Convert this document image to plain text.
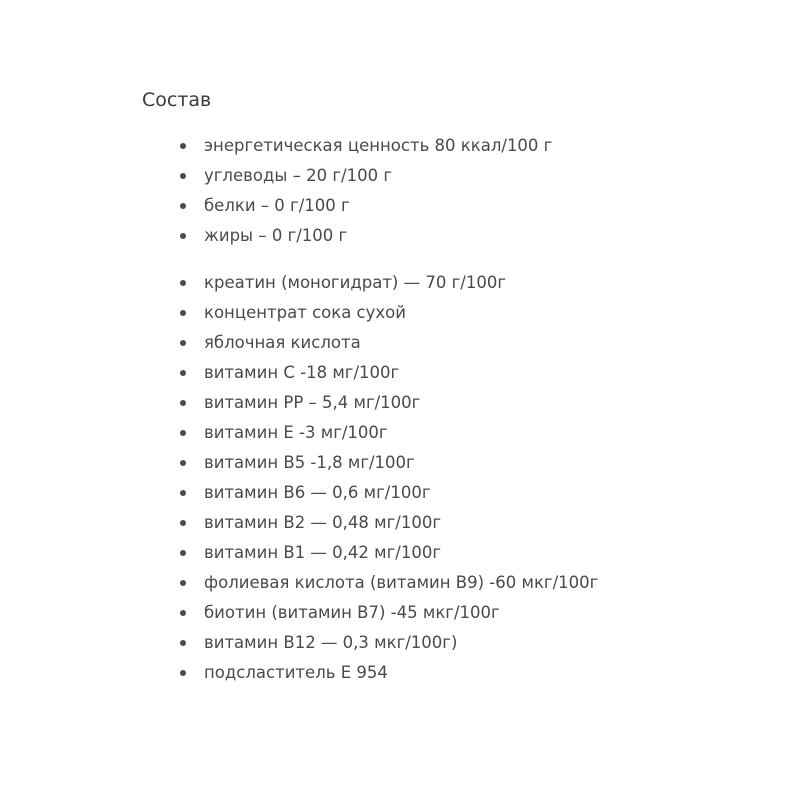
Состав
энергетическая ценность 80 ккал/100 г
углеводы – 20 г/100 г
белки – 0 г/100 г
жиры – 0 г/100 г
креатин (моногидрат) — 70 г/100г
концентрат сока сухой
яблочная кислота
витамин С -18 мг/100г
витамин PP – 5,4 мг/100г
витамин Е -3 мг/100г
витамин В5 -1,8 мг/100г
витамин В6 — 0,6 мг/100г
витамин В2 — 0,48 мг/100г
витамин В1 — 0,42 мг/100г
фолиевая кислота (витамин В9) -60 мкг/100г
биотин (витамин В7) -45 мкг/100г
витамин В12 — 0,3 мкг/100г)
подсластитель Е 954
